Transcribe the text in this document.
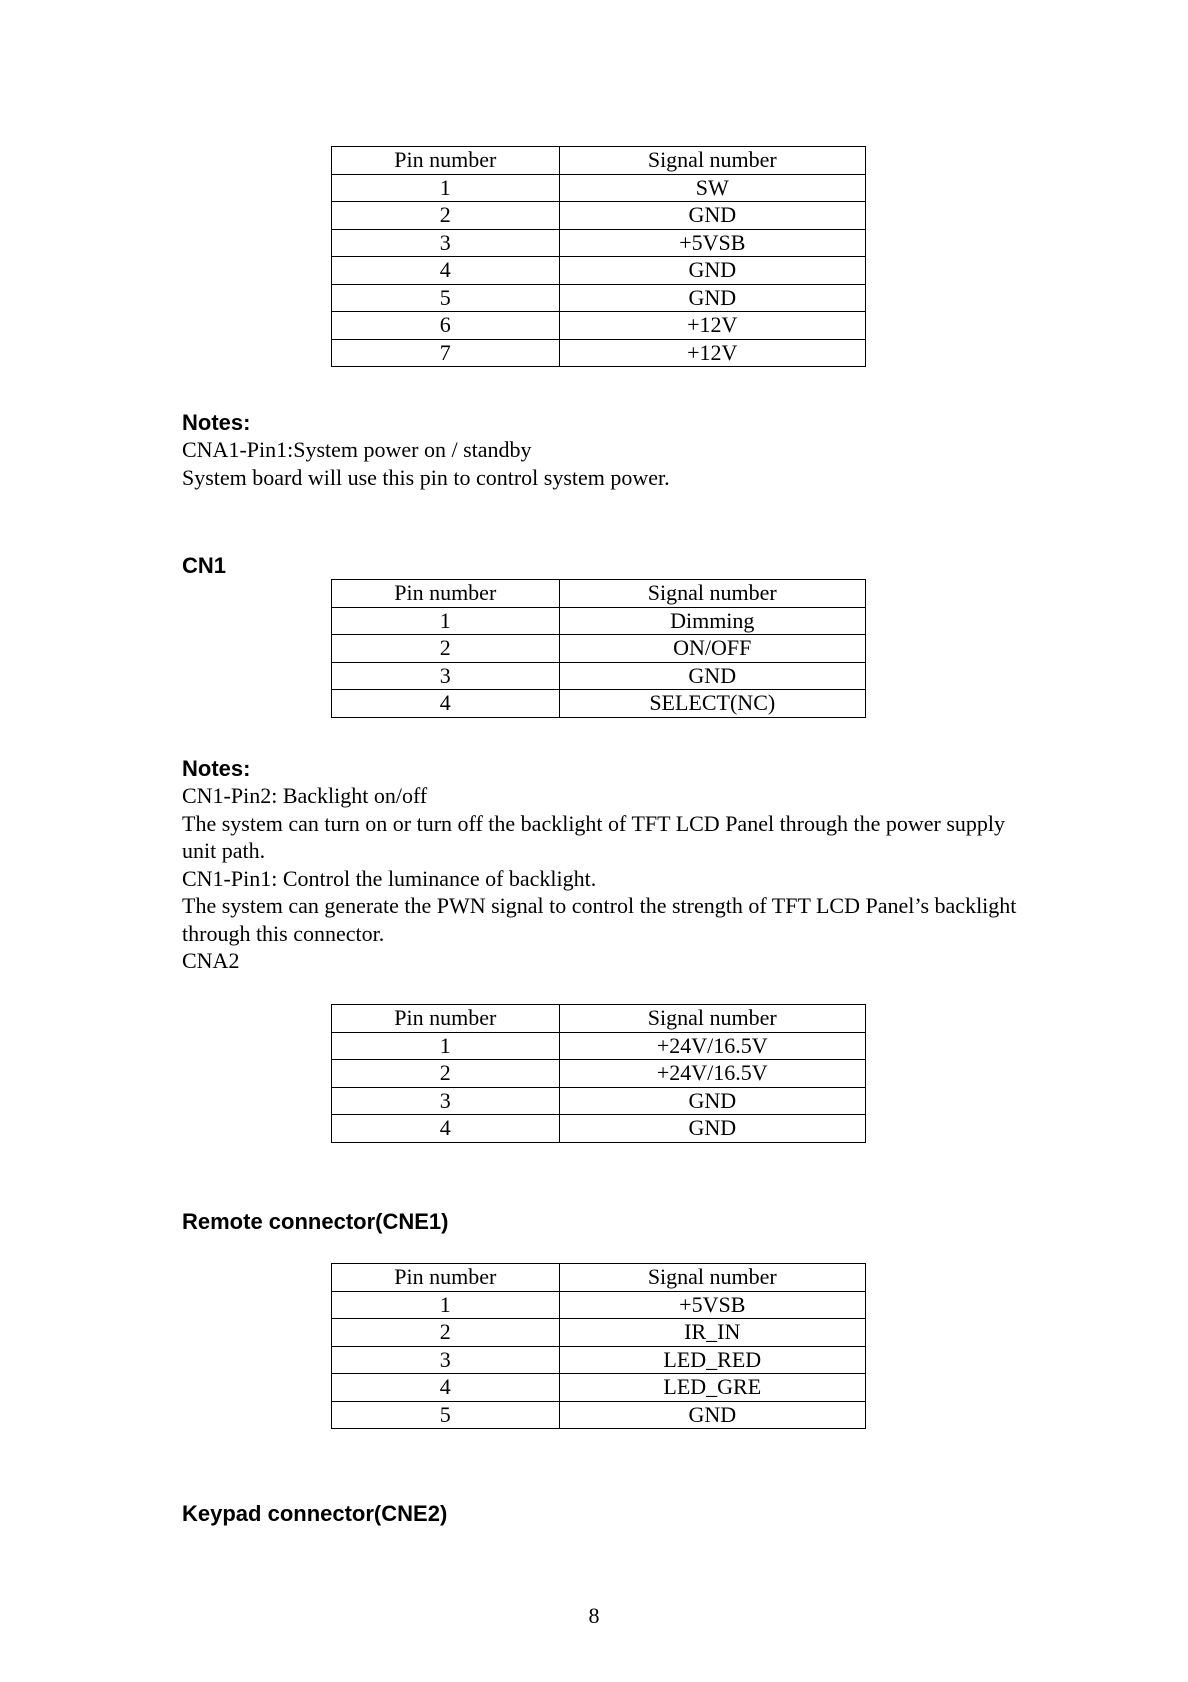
Pin number	Signal number
1	SW
2	GND
3	+5VSB
4	GND
5	GND
6	+12V
7	+12V
Notes:

CNA1-Pin1:System power on / standby

System board will use this pin to control system power.

CN1
Pin number	Signal number
1	Dimming
2	ON/OFF
3	GND
4	SELECT(NC)
Notes:

CN1-Pin2: Backlight on/off

The system can turn on or turn off the backlight of TFT LCD Panel through the power supply unit path.

CN1-Pin1: Control the luminance of backlight.

The system can generate the PWN signal to control the strength of TFT LCD Panel’s backlight through this connector.

CNA2

Pin number	Signal number
1	+24V/16.5V
2	+24V/16.5V
3	GND
4	GND
Remote connector(CNE1)
Pin number	Signal number
1	+5VSB
2	IR_IN
3	LED_RED
4	LED_GRE
5	GND
Keypad connector(CNE2)

8
